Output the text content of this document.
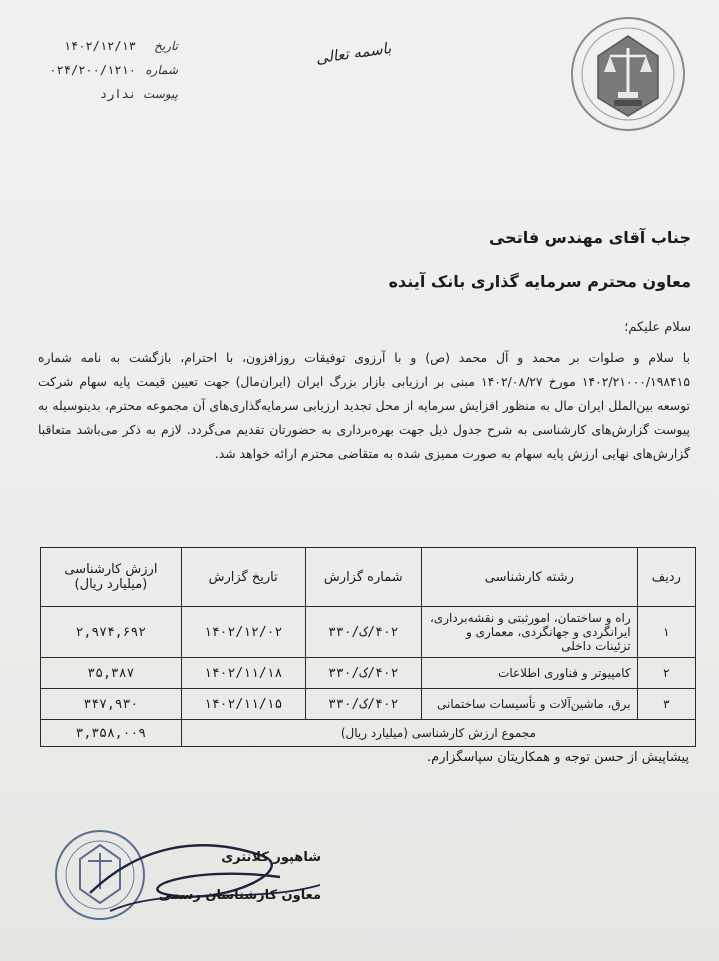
باسمه تعالی
تاریخ
۱۴۰۲/۱۲/۱۳
شماره
۰۲۴/۲۰۰/۱۲۱۰
پیوست
ندارد
جناب آقای مهندس فاتحی
معاون محترم سرمایه گذاری بانک آینده
سلام علیکم؛
با سلام و صلوات بر محمد و آل محمد (ص) و با آرزوی توفیقات روزافزون، با احترام، بازگشت به نامه شماره ۱۴۰۲/۲۱۰۰۰/۱۹۸۴۱۵ مورخ ۱۴۰۲/۰۸/۲۷ مبنی بر ارزیابی بازار بزرگ ایران (ایران‌مال) جهت تعیین قیمت پایه سهام شرکت توسعه بین‌الملل ایران مال به منظور افزایش سرمایه از محل تجدید ارزیابی سرمایه‌گذاری‌های آن مجموعه محترم، بدینوسیله به پیوست گزارش‌های کارشناسی به شرح جدول ذیل جهت بهره‌برداری به حضورتان تقدیم می‌گردد. لازم به ذکر می‌باشد متعاقبا گزارش‌های نهایی ارزش پایه سهام به صورت ممیزی شده به متقاضی محترم ارائه خواهد شد.
ردیف	رشته کارشناسی	شماره گزارش	تاریخ گزارش	ارزش کارشناسی (میلیارد ریال)
۱	راه و ساختمان، امورثبتی و نقشه‌برداری، ایرانگردی و جهانگردی، معماری و تزئینات داخلی	۴۰۲/ک/۳۳۰	۱۴۰۲/۱۲/۰۲	۲,۹۷۴,۶۹۲
۲	کامپیوتر و فناوری اطلاعات	۴۰۲/ک/۳۳۰	۱۴۰۲/۱۱/۱۸	۳۵,۳۸۷
۳	برق، ماشین‌آلات و تأسیسات ساختمانی	۴۰۲/ک/۳۳۰	۱۴۰۲/۱۱/۱۵	۳۴۷,۹۳۰
مجموع ارزش کارشناسی (میلیارد ریال)				۳,۳۵۸,۰۰۹
پیشاپیش از حسن توجه و همکاریتان سپاسگزارم.
شاهپور کلانتری
معاون کارشناسان رسمی
